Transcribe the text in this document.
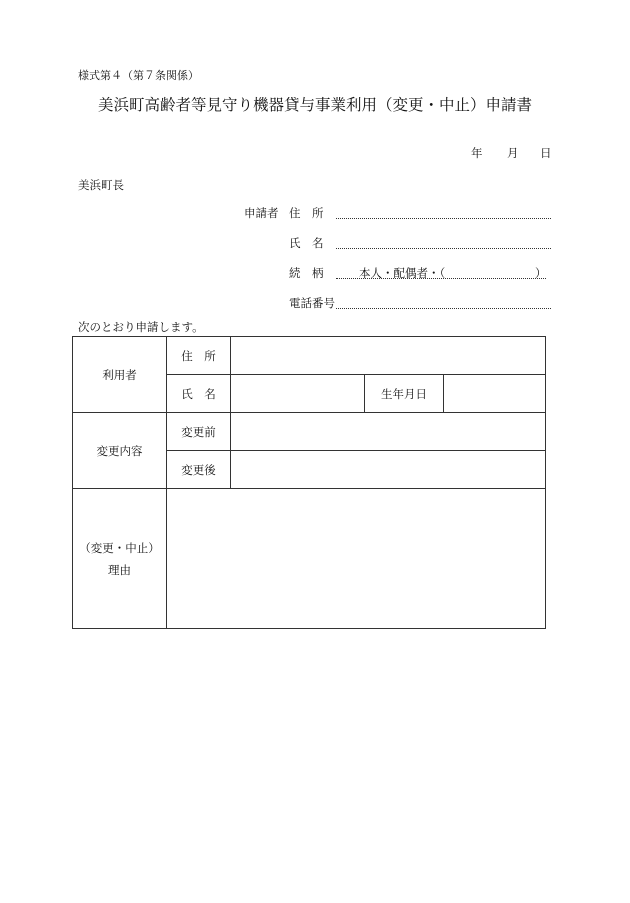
様式第４（第７条関係）
美浜町高齢者等見守り機器貸与事業利用（変更・中止）申請書
年 月 日
美浜町長
申請者 住　所
氏　名
続　柄	本人・配偶者・（	）
電話番号
次のとおり申請します。
利用者	住　所			
	氏　名		生年月日	
変更内容	変更前			
	変更後			

（変更・中止）
理由				
